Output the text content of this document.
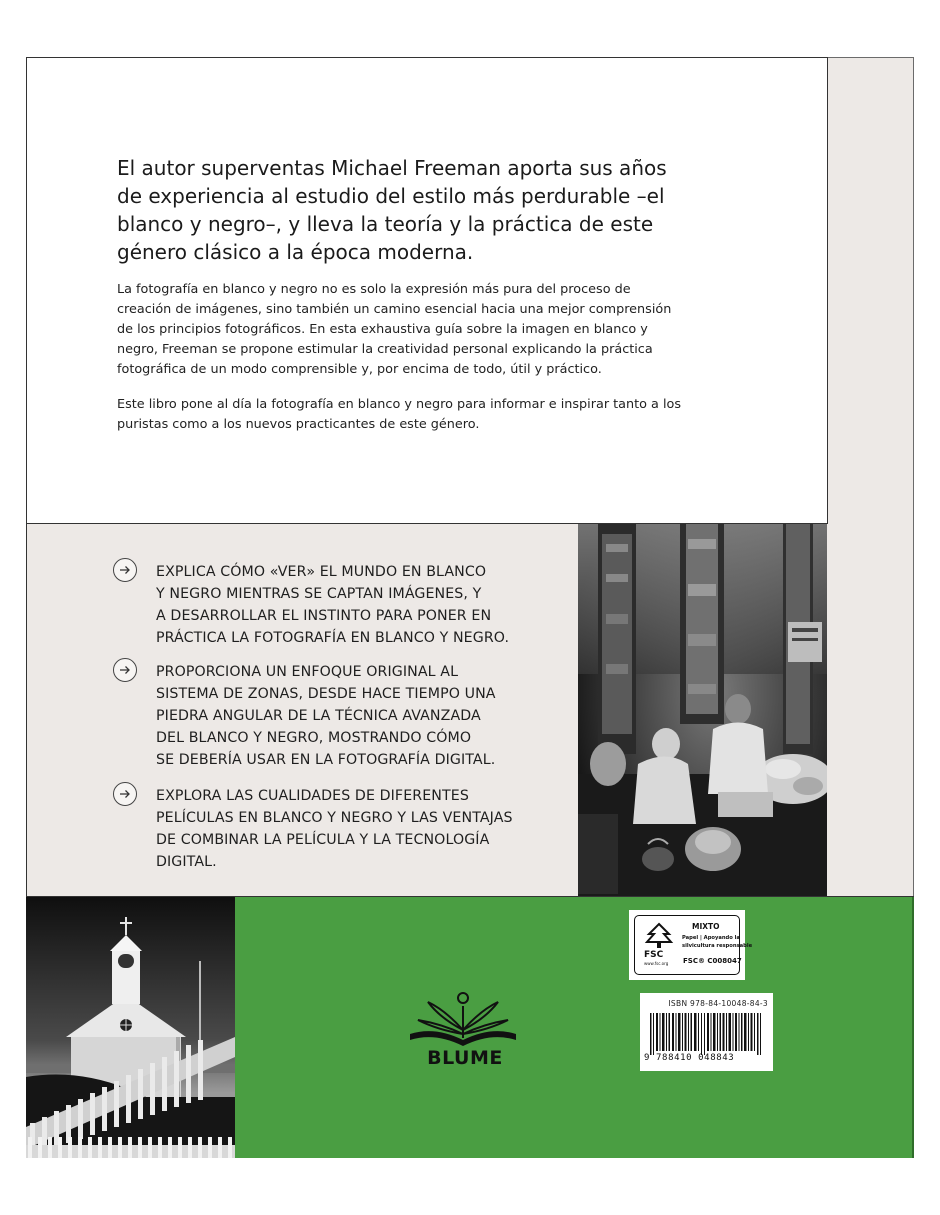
El autor superventas Michael Freeman aporta sus años de experiencia al estudio del estilo más perdurable –el blanco y negro–, y lleva la teoría y la práctica de este género clásico a la época moderna.

La fotografía en blanco y negro no es solo la expresión más pura del proceso de creación de imágenes, sino también un camino esencial hacia una mejor comprensión de los principios fotográficos. En esta exhaustiva guía sobre la imagen en blanco y negro, Freeman se propone estimular la creatividad personal explicando la práctica fotográfica de un modo comprensible y, por encima de todo, útil y práctico.

Este libro pone al día la fotografía en blanco y negro para informar e inspirar tanto a los puristas como a los nuevos practicantes de este género.

EXPLICA CÓMO «VER» EL MUNDO EN BLANCO
Y NEGRO MIENTRAS SE CAPTAN IMÁGENES, Y
A DESARROLLAR EL INSTINTO PARA PONER EN
PRÁCTICA LA FOTOGRAFÍA EN BLANCO Y NEGRO.

PROPORCIONA UN ENFOQUE ORIGINAL AL
SISTEMA DE ZONAS, DESDE HACE TIEMPO UNA
PIEDRA ANGULAR DE LA TÉCNICA AVANZADA
DEL BLANCO Y NEGRO, MOSTRANDO CÓMO
SE DEBERÍA USAR EN LA FOTOGRAFÍA DIGITAL.

EXPLORA LAS CUALIDADES DE DIFERENTES
PELÍCULAS EN BLANCO Y NEGRO Y LAS VENTAJAS
DE COMBINAR LA PELÍCULA Y LA TECNOLOGÍA
DIGITAL.

BLUME
FSC
www.fsc.org
MIXTO
Papel | Apoyando la
silvicultura responsable
FSC® C008047
ISBN 978-84-10048-84-3
9 788410 048843
